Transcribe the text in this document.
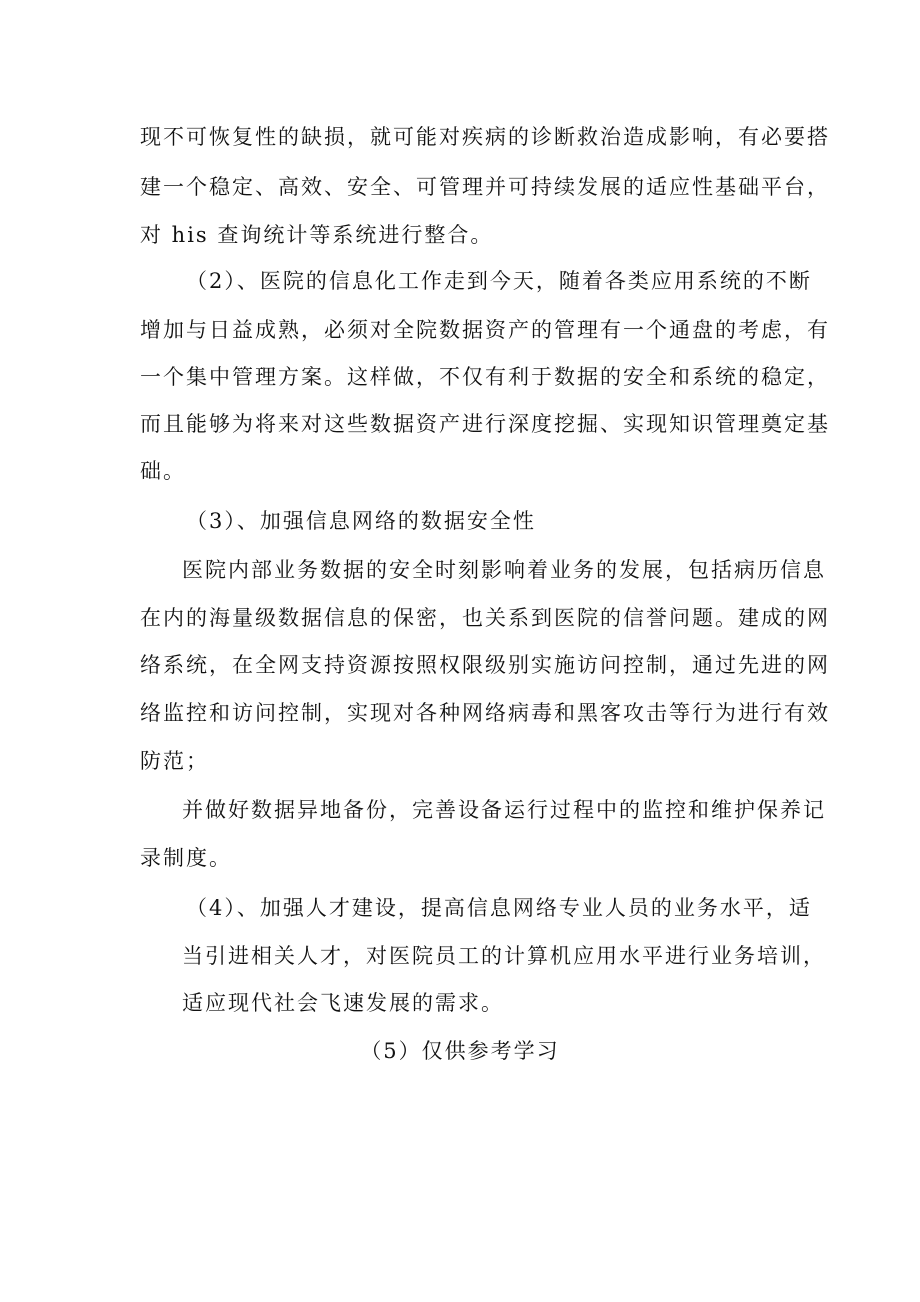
现不可恢复性的缺损，就可能对疾病的诊断救治造成影响，有必要搭
建一个稳定、高效、安全、可管理并可持续发展的适应性基础平台，
对 his 查询统计等系统进行整合。
（2）、医院的信息化工作走到今天，随着各类应用系统的不断
增加与日益成熟，必须对全院数据资产的管理有一个通盘的考虑，有
一个集中管理方案。这样做，不仅有利于数据的安全和系统的稳定，
而且能够为将来对这些数据资产进行深度挖掘、实现知识管理奠定基
础。
（3）、加强信息网络的数据安全性
医院内部业务数据的安全时刻影响着业务的发展，包括病历信息
在内的海量级数据信息的保密，也关系到医院的信誉问题。建成的网
络系统，在全网支持资源按照权限级别实施访问控制，通过先进的网
络监控和访问控制，实现对各种网络病毒和黑客攻击等行为进行有效
防范；
并做好数据异地备份，完善设备运行过程中的监控和维护保养记
录制度。
（4）、加强人才建设，提高信息网络专业人员的业务水平，适
当引进相关人才，对医院员工的计算机应用水平进行业务培训，
适应现代社会飞速发展的需求。
（5）仅供参考学习
